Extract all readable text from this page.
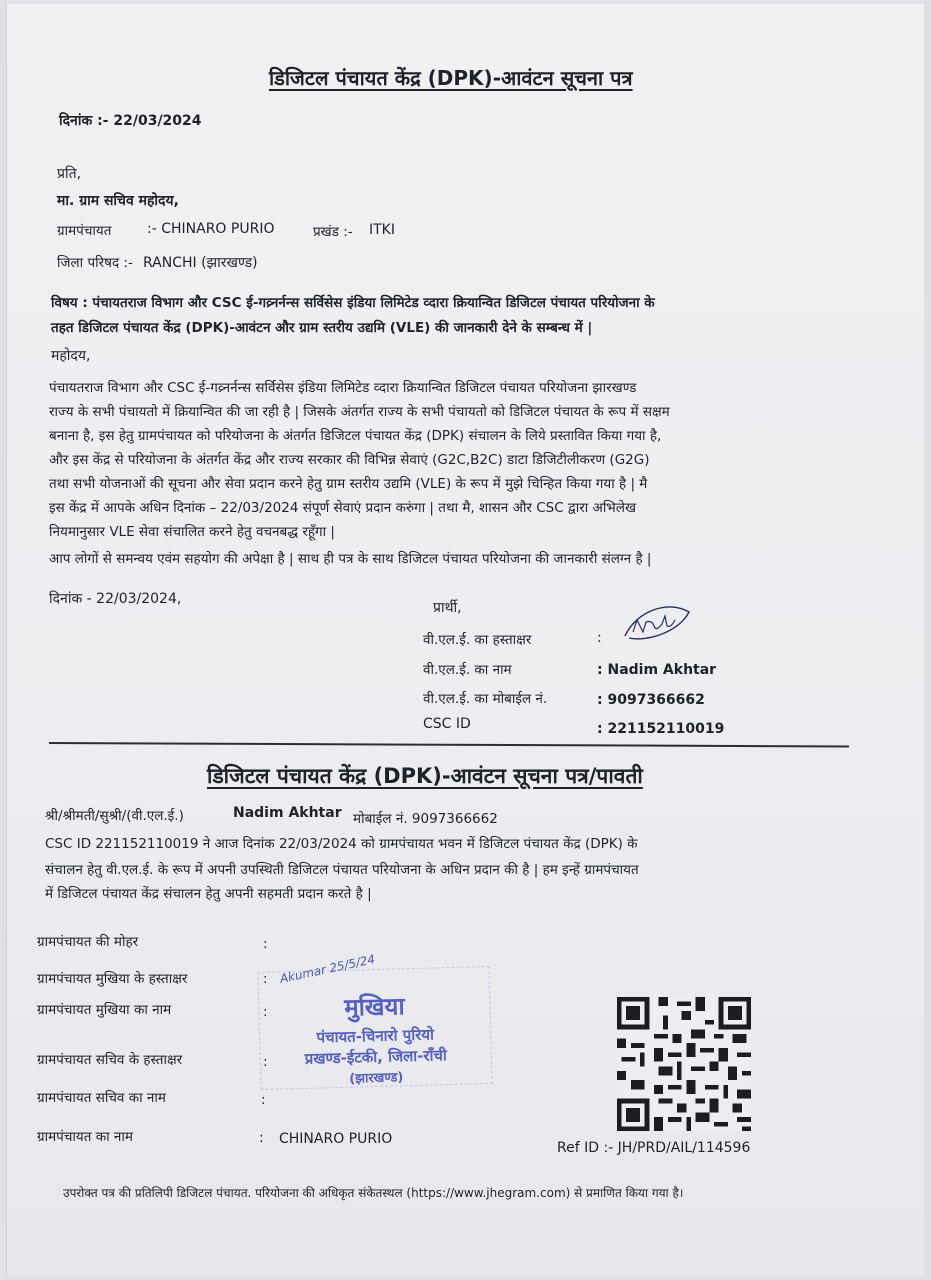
डिजिटल पंचायत केंद्र (DPK)-आवंटन सूचना पत्र
दिनांक :- 22/03/2024
प्रति,
मा. ग्राम सचिव महोदय,
ग्रामपंचायत	:- CHINARO PURIO	प्रखंड :- ITKI
जिला परिषद :- RANCHI (झारखण्ड)
विषय : पंचायतराज विभाग और CSC ई-गव्र्नर्नन्स सर्विसेस इंडिया लिमिटेड व्दारा क्रियान्वित डिजिटल पंचायत परियोजना के
तहत डिजिटल पंचायत केंद्र (DPK)-आवंटन और ग्राम स्तरीय उद्यमि (VLE) की जानकारी देने के सम्बन्ध में |
महोदय,
पंचायतराज विभाग और CSC ई-गव्र्नर्नन्स सर्विसेस इंडिया लिमिटेड व्दारा क्रियान्वित डिजिटल पंचायत परियोजना झारखण्ड
राज्य के सभी पंचायतो में क्रियान्वित की जा रही है | जिसके अंतर्गत राज्य के सभी पंचायतो को डिजिटल पंचायत के रूप में सक्षम
बनाना है, इस हेतु ग्रामपंचायत को परियोजना के अंतर्गत डिजिटल पंचायत केंद्र (DPK) संचालन के लिये प्रस्तावित किया गया है,
और इस केंद्र से परियोजना के अंतर्गत केंद्र और राज्य सरकार की विभिन्न सेवाएं (G2C,B2C) डाटा डिजिटीलीकरण (G2G)
तथा सभी योजनाओं की सूचना और सेवा प्रदान करने हेतु ग्राम स्तरीय उद्यमि (VLE) के रूप में मुझे चिन्हित किया गया है | मै
इस केंद्र में आपके अधिन दिनांक – 22/03/2024 संपूर्ण सेवाएं प्रदान करुंगा | तथा मै, शासन और CSC द्वारा अभिलेख
नियमानुसार VLE सेवा संचालित करने हेतु वचनबद्ध रहूँगा |
आप लोगों से समन्वय एवंम सहयोग की अपेक्षा है | साथ ही पत्र के साथ डिजिटल पंचायत परियोजना की जानकारी संलग्न है |
दिनांक - 22/03/2024,
प्रार्थी,
वी.एल.ई. का हस्ताक्षर	:
वी.एल.ई. का नाम	: Nadim Akhtar
वी.एल.ई. का मोबाईल नं.	: 9097366662
CSC ID	: 221152110019
डिजिटल पंचायत केंद्र (DPK)-आवंटन सूचना पत्र/पावती
श्री/श्रीमती/सुश्री/(वी.एल.ई.)	Nadim Akhtar मोबाईल नं. 9097366662
CSC ID 221152110019 ने आज दिनांक 22/03/2024 को ग्रामपंचायत भवन में डिजिटल पंचायत केंद्र (DPK) के
संचालन हेतु वी.एल.ई. के रूप में अपनी उपस्थिती डिजिटल पंचायत परियोजना के अधिन प्रदान की है | हम इन्हें ग्रामपंचायत
में डिजिटल पंचायत केंद्र संचालन हेतु अपनी सहमती प्रदान करते है |
ग्रामपंचायत की मोहर	:
ग्रामपंचायत मुखिया के हस्ताक्षर	:
ग्रामपंचायत मुखिया का नाम	:
ग्रामपंचायत सचिव के हस्ताक्षर	:
ग्रामपंचायत सचिव का नाम	:
ग्रामपंचायत का नाम	: CHINARO PURIO
मुखिया
पंचायत-चिनारो पुरियो
प्रखण्ड-ईटकी, जिला-राँची
(झारखण्ड)
Akumar 25/5/24
Ref ID :- JH/PRD/AIL/114596
उपरोक्त पत्र की प्रतिलिपी डिजिटल पंचायत. परियोजना की अधिकृत संकेतस्थल (https://www.jhegram.com) से प्रमाणित किया गया है।
